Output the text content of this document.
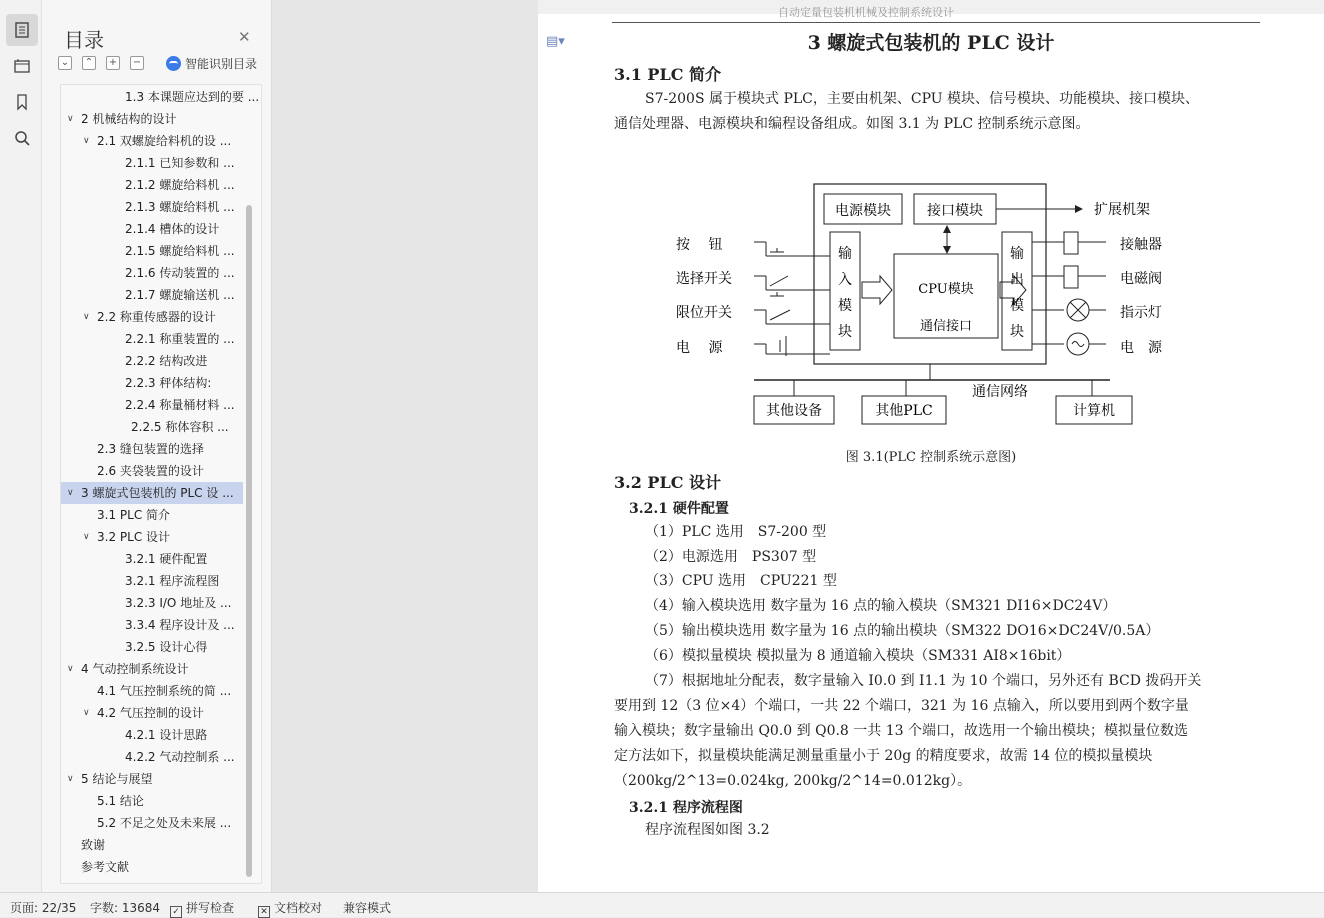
目录	✕
⌄ ⌃ + −	智能识别目录
1.3 本课题应达到的要 ...
∨ 2 机械结构的设计
∨ 2.1 双螺旋给料机的设 ...
2.1.1 已知参数和 ...
2.1.2 螺旋给料机 ...
2.1.3 螺旋给料机 ...
2.1.4 槽体的设计
2.1.5 螺旋给料机 ...
2.1.6 传动装置的 ...
2.1.7 螺旋输送机 ...
∨ 2.2 称重传感器的设计
2.2.1 称重装置的 ...
2.2.2 结构改进
2.2.3 秤体结构:
2.2.4 称量桶材料 ...
2.2.5 称体容积 ...
2.3 缝包装置的选择
2.6 夹袋装置的设计
∨ 3 螺旋式包装机的 PLC 设 ...
3.1 PLC 简介
∨ 3.2 PLC 设计
3.2.1 硬件配置
3.2.1 程序流程图
3.2.3 I/O 地址及 ...
3.3.4 程序设计及 ...
3.2.5 设计心得
∨ 4 气动控制系统设计
4.1 气压控制系统的简 ...
∨ 4.2 气压控制的设计
4.2.1 设计思路
4.2.2 气动控制系 ...
∨ 5 结论与展望
5.1 结论
5.2 不足之处及未来展 ...
致谢
参考文献
自动定量包装机机械及控制系统设计
▤▾	3 螺旋式包装机的 PLC 设计
3.1 PLC 简介
S7-200S 属于模块式 PLC，主要由机架、CPU 模块、信号模块、功能模块、接口模块、
通信处理器、电源模块和编程设备组成。如图 3.1 为 PLC 控制系统示意图。
电源模块	接口模块	扩展机架
输
入
模
块
CPU模块
通信接口
输
出
模
块
按　 钮
选择开关
限位开关
电　 源
接触器
电磁阀
指示灯
电　源
通信网络
其他设备	其他PLC	计算机
图 3.1(PLC 控制系统示意图)
3.2 PLC 设计
3.2.1 硬件配置
（1）PLC 选用　S7-200 型
（2）电源选用　PS307 型
（3）CPU 选用　CPU221 型
（4）输入模块选用 数字量为 16 点的输入模块（SM321 DI16×DC24V）
（5）输出模块选用 数字量为 16 点的输出模块（SM322 DO16×DC24V/0.5A）
（6）模拟量模块 模拟量为 8 通道输入模块（SM331 AI8×16bit）
（7）根据地址分配表，数字量输入 I0.0 到 I1.1 为 10 个端口，另外还有 BCD 拨码开关
要用到 12（3 位×4）个端口，一共 22 个端口，321 为 16 点输入，所以要用到两个数字量
输入模块；数字量输出 Q0.0 到 Q0.8 一共 13 个端口，故选用一个输出模块；模拟量位数选
定方法如下，拟量模块能满足测量重量小于 20g 的精度要求，故需 14 位的模拟量模块
（200kg/2^13=0.024kg, 200kg/2^14=0.012kg）。
3.2.1 程序流程图
程序流程图如图 3.2
页面: 22/35 字数: 13684 ✓ 拼写检查	✕ 文档校对 兼容模式
